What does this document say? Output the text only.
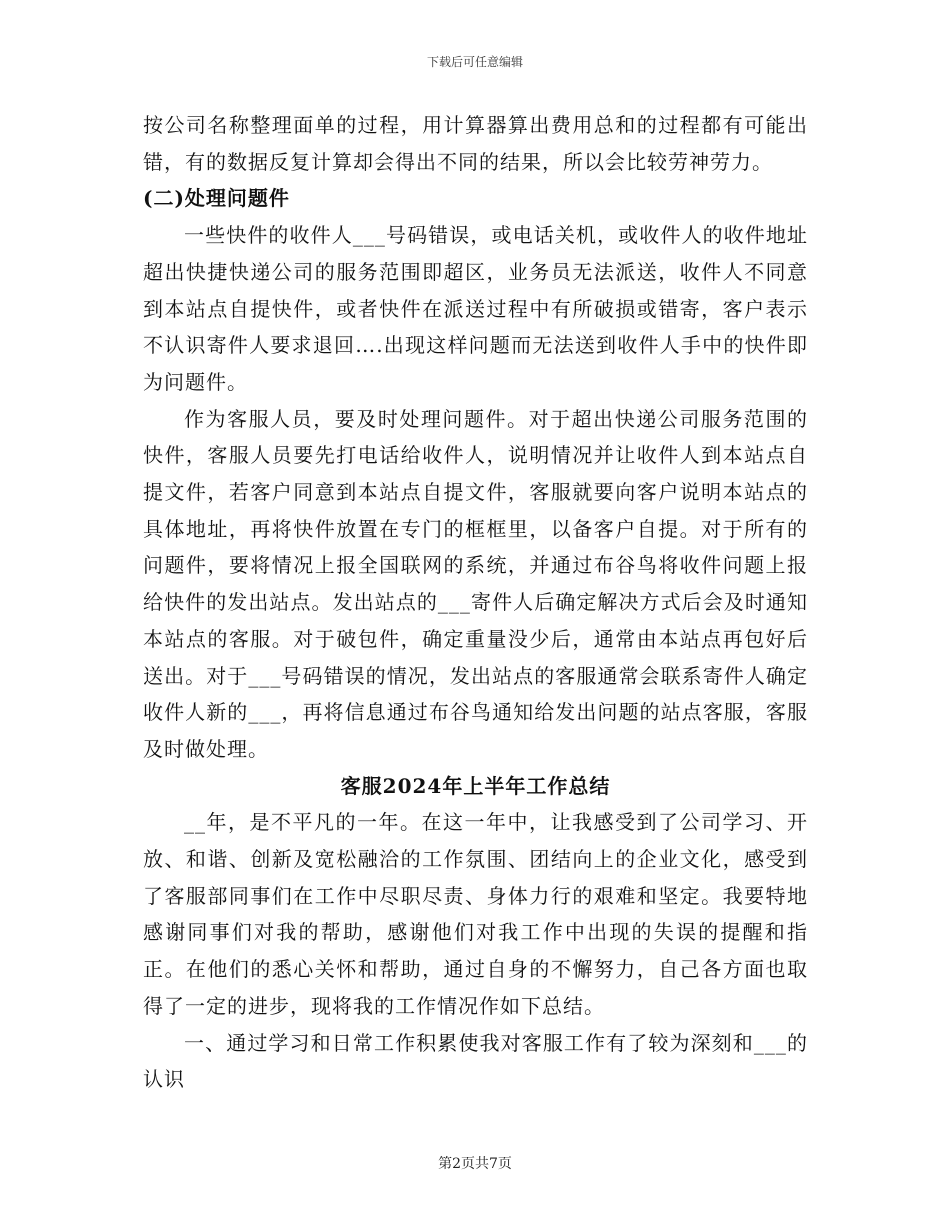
下载后可任意编辑

按公司名称整理面单的过程，用计算器算出费用总和的过程都有可能出错，有的数据反复计算却会得出不同的结果，所以会比较劳神劳力。

(二)处理问题件

一些快件的收件人___号码错误，或电话关机，或收件人的收件地址超出快捷快递公司的服务范围即超区，业务员无法派送，收件人不同意到本站点自提快件，或者快件在派送过程中有所破损或错寄，客户表示不认识寄件人要求退回….出现这样问题而无法送到收件人手中的快件即为问题件。

作为客服人员，要及时处理问题件。对于超出快递公司服务范围的快件，客服人员要先打电话给收件人，说明情况并让收件人到本站点自提文件，若客户同意到本站点自提文件，客服就要向客户说明本站点的具体地址，再将快件放置在专门的框框里，以备客户自提。对于所有的问题件，要将情况上报全国联网的系统，并通过布谷鸟将收件问题上报给快件的发出站点。发出站点的___寄件人后确定解决方式后会及时通知本站点的客服。对于破包件，确定重量没少后，通常由本站点再包好后送出。对于___号码错误的情况，发出站点的客服通常会联系寄件人确定收件人新的___，再将信息通过布谷鸟通知给发出问题的站点客服，客服及时做处理。

客服2024年上半年工作总结

__年，是不平凡的一年。在这一年中，让我感受到了公司学习、开放、和谐、创新及宽松融洽的工作氛围、团结向上的企业文化，感受到了客服部同事们在工作中尽职尽责、身体力行的艰难和坚定。我要特地感谢同事们对我的帮助，感谢他们对我工作中出现的失误的提醒和指正。在他们的悉心关怀和帮助，通过自身的不懈努力，自己各方面也取得了一定的进步，现将我的工作情况作如下总结。

一、通过学习和日常工作积累使我对客服工作有了较为深刻和___的认识

第2页共7页
